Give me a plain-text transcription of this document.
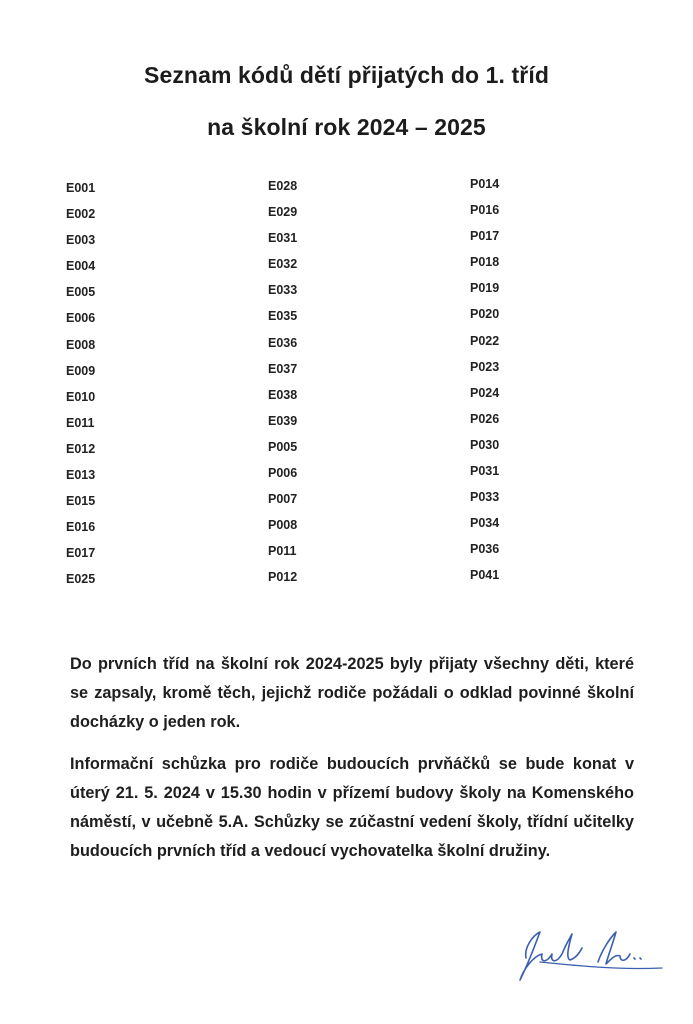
Seznam kódů dětí přijatých do 1. tříd
na školní rok 2024 – 2025
E001
E002
E003
E004
E005
E006
E008
E009
E010
E011
E012
E013
E015
E016
E017
E025
E028
E029
E031
E032
E033
E035
E036
E037
E038
E039
P005
P006
P007
P008
P011
P012
P014
P016
P017
P018
P019
P020
P022
P023
P024
P026
P030
P031
P033
P034
P036
P041

Do prvních tříd na školní rok 2024-2025 byly přijaty všechny děti, které se zapsaly, kromě těch, jejichž rodiče požádali o odklad povinné školní docházky o jeden rok.

Informační schůzka pro rodiče budoucích prvňáčků se bude konat v úterý 21. 5. 2024 v 15.30 hodin v přízemí budovy školy na Komenského náměstí, v učebně 5.A. Schůzky se zúčastní vedení školy, třídní učitelky budoucích prvních tříd a vedoucí vychovatelka školní družiny.
